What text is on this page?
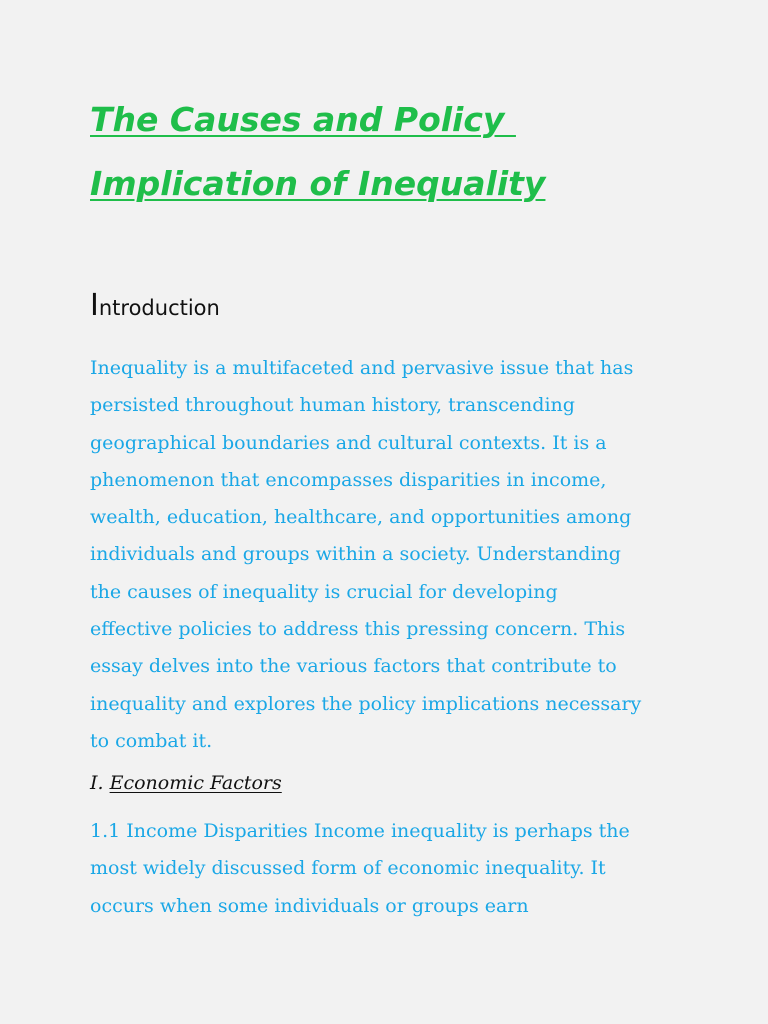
The Causes and Policy
Implication of Inequality
Introduction

Inequality is a multifaceted and pervasive issue that has
persisted throughout human history, transcending
geographical boundaries and cultural contexts. It is a
phenomenon that encompasses disparities in income,
wealth, education, healthcare, and opportunities among
individuals and groups within a society. Understanding
the causes of inequality is crucial for developing
effective policies to address this pressing concern. This
essay delves into the various factors that contribute to
inequality and explores the policy implications necessary
to combat it.

I. Economic Factors

1.1 Income Disparities Income inequality is perhaps the
most widely discussed form of economic inequality. It
occurs when some individuals or groups earn
